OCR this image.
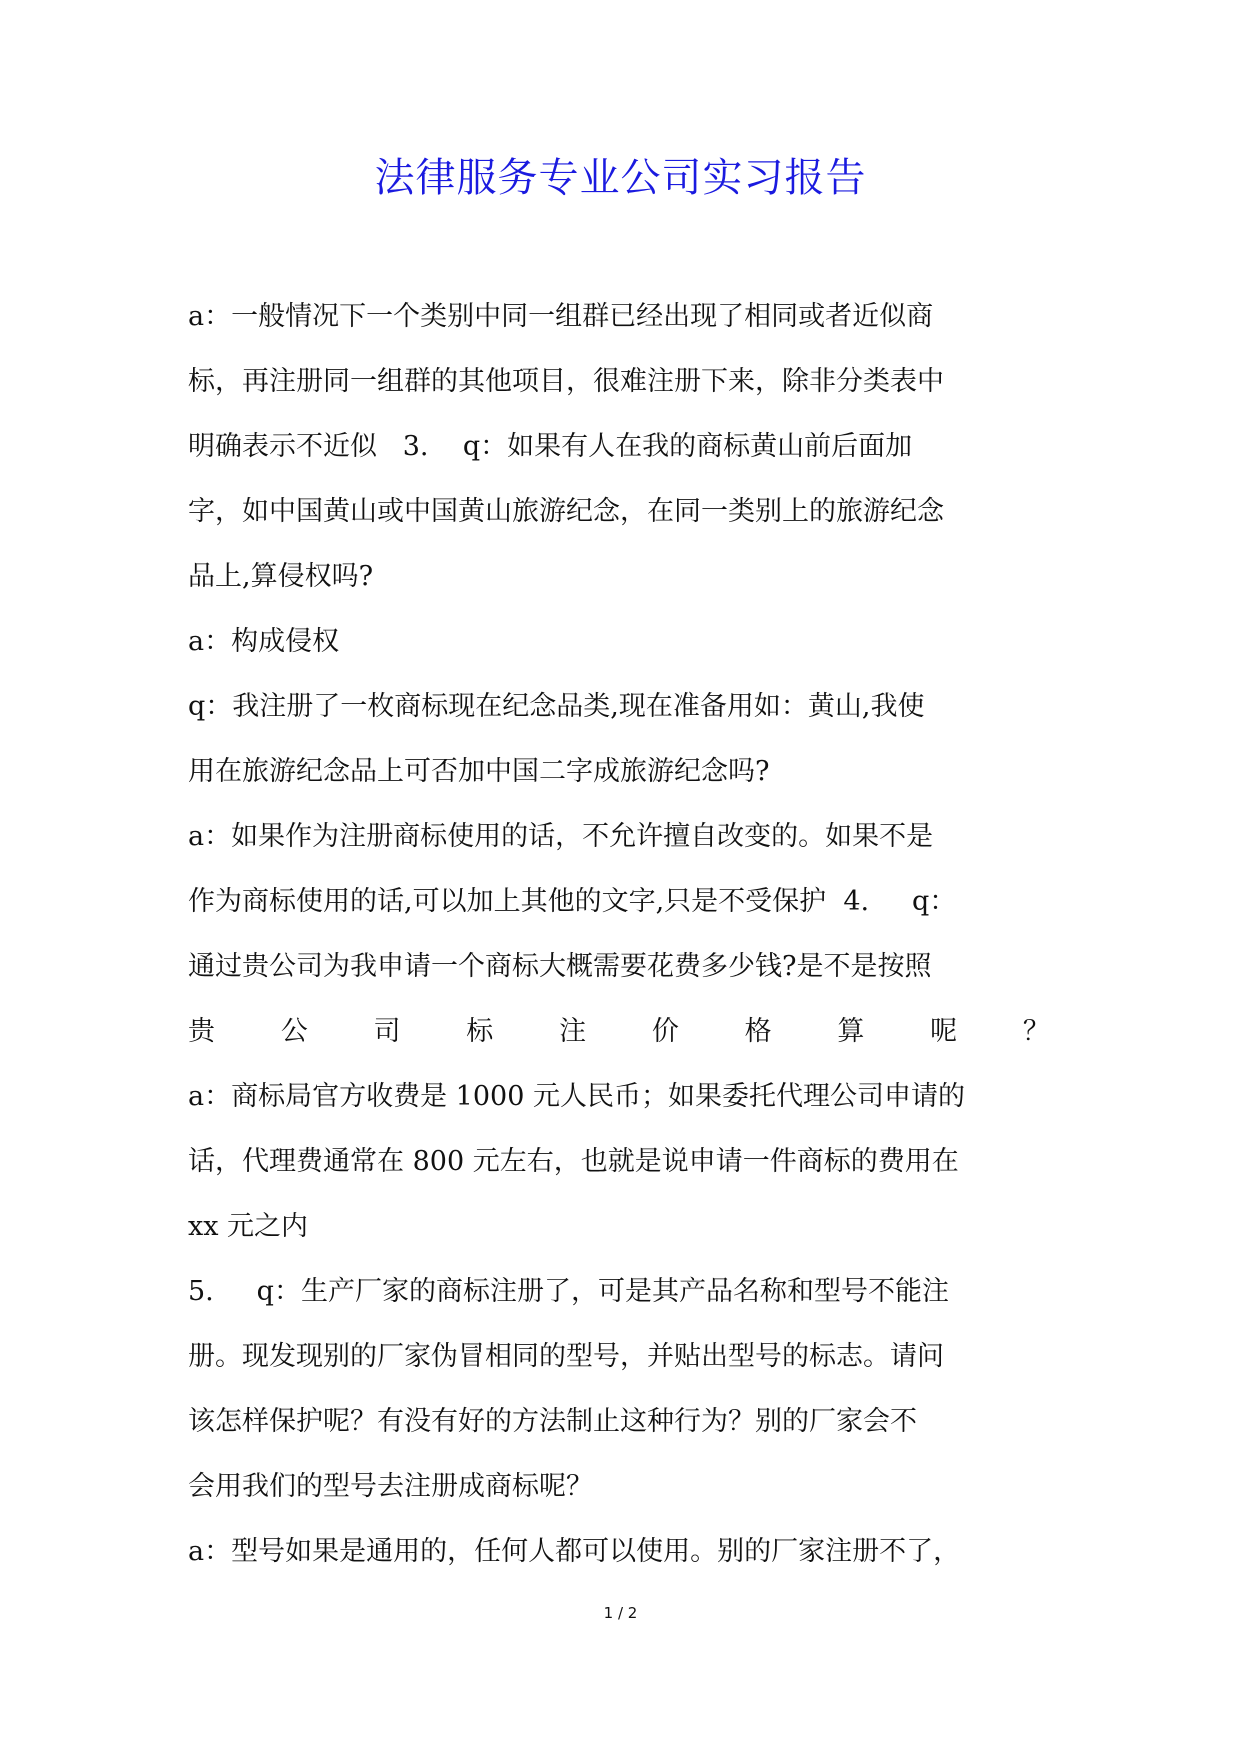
法律服务专业公司实习报告
a：一般情况下一个类别中同一组群已经出现了相同或者近似商
标，再注册同一组群的其他项目，很难注册下来，除非分类表中
明确表示不近似   3.    q：如果有人在我的商标黄山前后面加
字，如中国黄山或中国黄山旅游纪念，在同一类别上的旅游纪念
品上,算侵权吗?
a：构成侵权
q：我注册了一枚商标现在纪念品类,现在准备用如：黄山,我使
用在旅游纪念品上可否加中国二字成旅游纪念吗?
a：如果作为注册商标使用的话，不允许擅自改变的。如果不是
作为商标使用的话,可以加上其他的文字,只是不受保护  4.     q：
通过贵公司为我申请一个商标大概需要花费多少钱?是不是按照
贵 公 司 标 注 价 格 算 呢 ？
a：商标局官方收费是 1000 元人民币；如果委托代理公司申请的
话，代理费通常在 800 元左右，也就是说申请一件商标的费用在
xx 元之内
5.     q：生产厂家的商标注册了，可是其产品名称和型号不能注
册。现发现别的厂家伪冒相同的型号，并贴出型号的标志。请问
该怎样保护呢？有没有好的方法制止这种行为？别的厂家会不
会用我们的型号去注册成商标呢？
a：型号如果是通用的，任何人都可以使用。别的厂家注册不了，
1 / 2
